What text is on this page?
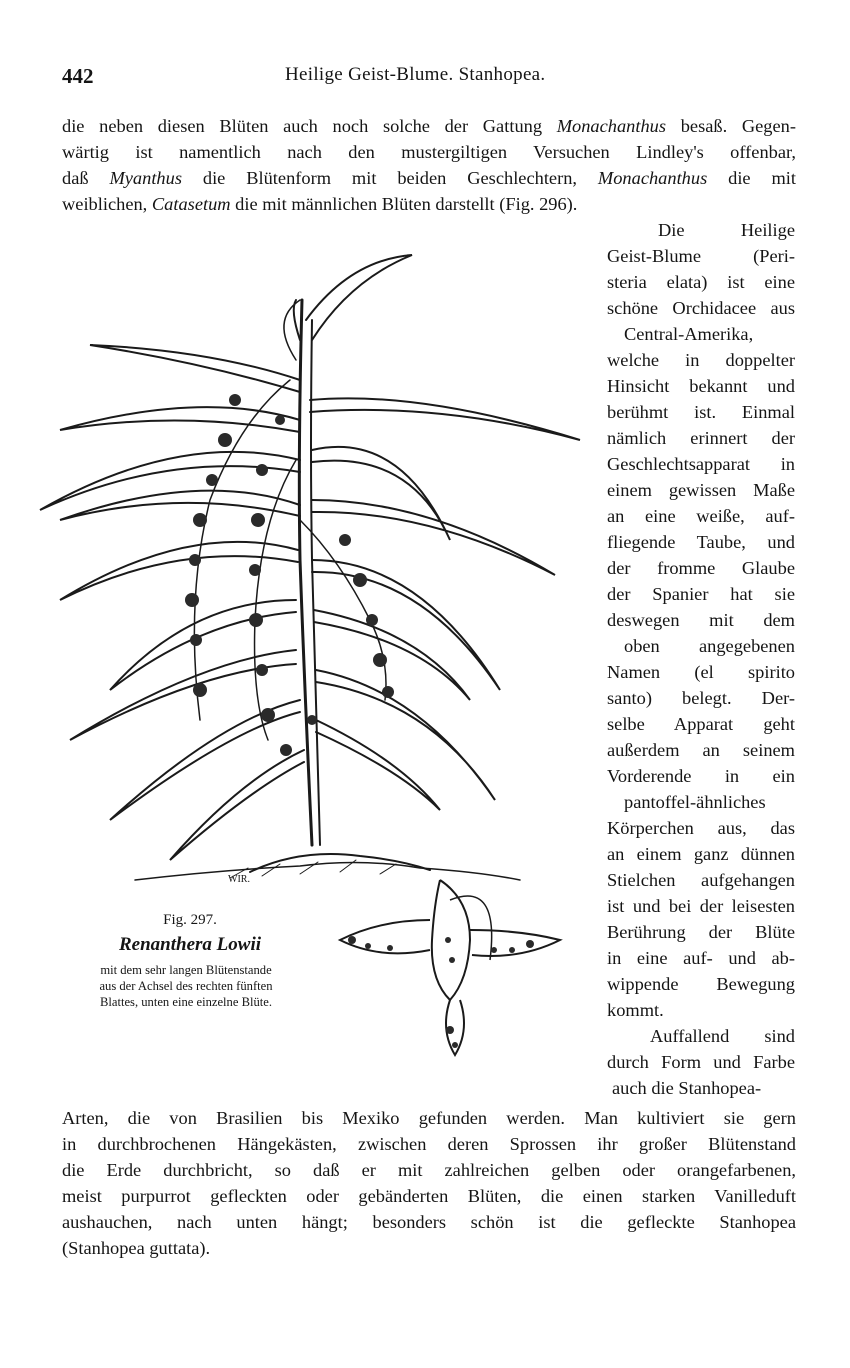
442	Heilige Geist-Blume. Stanhopea.
die neben diesen Blüten auch noch solche der Gattung Monachanthus besaß. Gegen-
wärtig ist namentlich nach den mustergiltigen Versuchen Lindley's offenbar,
daß Myanthus die Blütenform mit beiden Geschlechtern, Monachanthus die mit
weiblichen, Catasetum die mit männlichen Blüten darstellt (Fig. 296).
Die Heilige
Geist-Blume (Peri-
steria elata) ist eine
schöne Orchidacee aus
Central-Amerika,
welche in doppelter
Hinsicht bekannt und
berühmt ist. Einmal
nämlich erinnert der
Geschlechtsapparat in
einem gewissen Maße
an eine weiße, auf-
fliegende Taube, und
der fromme Glaube
der Spanier hat sie
deswegen mit dem
oben angegebenen
Namen (el spirito
santo) belegt. Der-
selbe Apparat geht
außerdem an seinem
Vorderende in ein
pantoffel-ähnliches
Körperchen aus, das
an einem ganz dünnen
Stielchen aufgehangen
ist und bei der leisesten
Berührung der Blüte
in eine auf- und ab-
wippende Bewegung
kommt.
Auffallend sind
durch Form und Farbe
auch die Stanhopea-
Arten, die von Brasilien bis Mexiko gefunden werden. Man kultiviert sie gern
in durchbrochenen Hängekästen, zwischen deren Sprossen ihr großer Blütenstand
die Erde durchbricht, so daß er mit zahlreichen gelben oder orangefarbenen,
meist purpurrot gefleckten oder gebänderten Blüten, die einen starken Vanilleduft
aushauchen, nach unten hängt; besonders schön ist die gefleckte Stanhopea
(Stanhopea guttata).
WIR.
Fig. 297.
Renanthera Lowii
mit dem sehr langen Blütenstande
aus der Achsel des rechten fünften
Blattes, unten eine einzelne Blüte.
